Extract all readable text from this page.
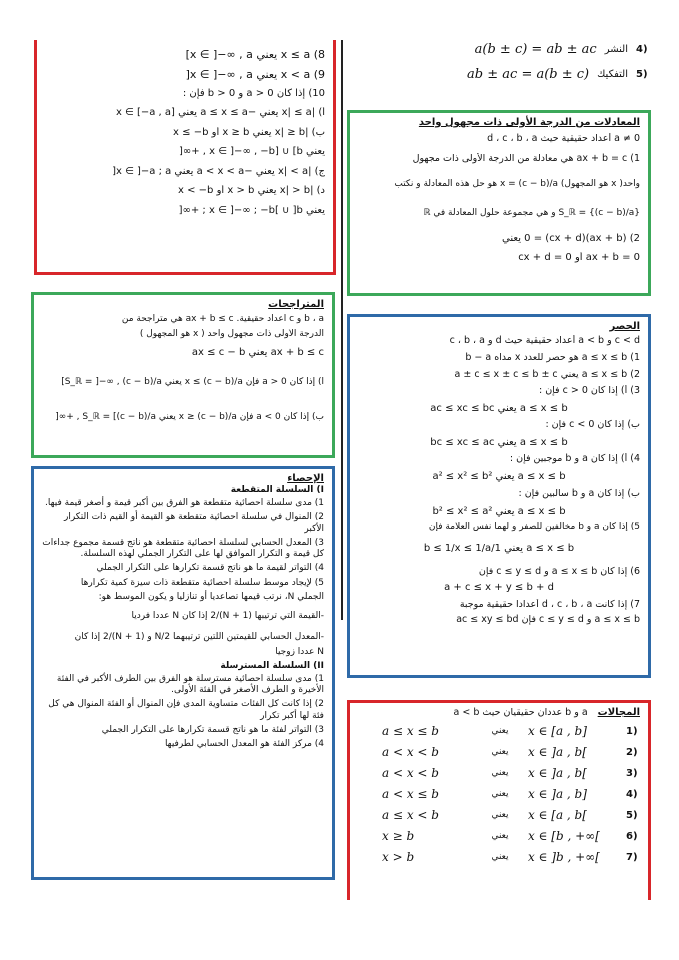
8) x ≤ a يعني x ∈ ]−∞ , a]
9) x < a يعني x ∈ ]−∞ , a[
10) إذا كان a > 0 و b > 0 فإن :
أ) |x| ≤ a يعني −a ≤ x ≤ a يعني x ∈ [−a , a]
ب) |x| ≥ b يعني x ≥ b أو x ≤ −b
يعني x ∈ ]−∞ , −b] ∪ [b , +∞[
ج) |x| < a يعني −a < x < a يعني x ∈ ]−a ; a[
د) |x| > b يعني x > b أو x < −b
يعني x ∈ ]−∞ ; −b[ ∪ ]b ; +∞[
4)
النشر
a(b ± c) = ab ± ac
5)
التفكيك
ab ± ac = a(b ± c)
المعادلات من الدرجة الأولى ذات مجهول واحد
a ≠ 0 أعداد حقيقية حيث d ، c ، b ، a
1) ax + b = c هي معادلة من الدرجة الأولى ذات مجهول
واحد( x هو المجهول) x = (c − b)/a هو حل هذه المعادلة و نكتب
S_ℝ = {(c − b)/a} و هي مجموعة حلول المعادلة في ℝ
2) (ax + b)(cx + d) = 0 يعني
ax + b = 0 أو cx + d = 0
المتراجحات
b ، a و c أعداد حقيقية. ax + b ≤ c هي متراجحة من
الدرجة الأولى ذات مجهول واحد ( x هو المجهول )
ax + b ≤ c يعني ax ≤ c − b
أ) إذا كان a > 0 فإن x ≤ (c − b)/a يعني S_ℝ = ]−∞ , (c − b)/a]
ب) إذا كان a < 0 فإن x ≥ (c − b)/a يعني S_ℝ = [(c − b)/a , +∞[
الحصر
c < d و a < b أعداد حقيقية حيث d و c ، b ، a
1) a ≤ x ≤ b هو حصر للعدد x مداه b − a
2) a ≤ x ≤ b يعني a ± c ≤ x ± c ≤ b ± c
3) أ) إذا كان c > 0 فإن :
a ≤ x ≤ b يعني ac ≤ xc ≤ bc
ب) إذا كان c < 0 فإن :
a ≤ x ≤ b يعني bc ≤ xc ≤ ac
4) أ) إذا كان a و b موجبين فإن :
a ≤ x ≤ b يعني a² ≤ x² ≤ b²
ب) إذا كان a و b سالبين فإن :
a ≤ x ≤ b يعني b² ≤ x² ≤ a²
5) إذا كان a و b مخالفين للصفر و لهما نفس العلامة فإن
a ≤ x ≤ b يعني 1/b ≤ 1/x ≤ 1/a
6) إذا كان a ≤ x ≤ b و c ≤ y ≤ d فإن
a + c ≤ x + y ≤ b + d
7) إذا كانت d ، c ، b ، a أعدادا حقيقية موجبة
a ≤ x ≤ b و c ≤ y ≤ d فإن ac ≤ xy ≤ bd
الإحصاء
I) السلسلة المتقطعة
1) مدى سلسلة احصائية متقطعة هو الفرق بين أكبر قيمة و أصغر قيمة فيها.
2) المنوال في سلسلة احصائية متقطعة هو القيمة أو القيم ذات التكرار الأكبر
3) المعدل الحسابي لسلسلة احصائية متقطعة هو ناتج قسمة مجموع جداءات كل قيمة و التكرار الموافق لها على التكرار الجملي لهذه السلسلة.
4) التواتر لقيمة ما هو ناتج قسمة تكرارها على التكرار الجملي
5) لإيجاد موسط سلسلة احصائية متقطعة ذات سيزة كمية تكرارها
الجملي N، نرتب قيمها تصاعديا أو تنازليا و يكون الموسط هو:
-القيمة التي ترتيبها (N + 1)/2 إذا كان N عددا فرديا
-المعدل الحسابي للقيمتين اللتين ترتيبهما N/2 و (N + 1)/2 إذا كان
N عددا زوجيا
II) السلسلة المسترسلة
1) مدى سلسلة احصائية مسترسلة هو الفرق بين الطرف الأكبر في الفئة الأخيرة و الطرف الأصغر في الفئة الأولى.
2) إذا كانت كل الفئات متساوية المدى فإن المنوال أو الفئة المنوال هي كل فئة لها أكبر تكرار
3) التواتر لفئة ما هو ناتج قسمة تكرارها على التكرار الجملي
4) مركز الفئة هو المعدل الحسابي لطرفيها
المجالات
a و b عددان حقيقيان حيث a < b
1)
x ∈ [a , b]
يعني
a ≤ x ≤ b
2)
x ∈ ]a , b[
يعني
a < x < b
3)
x ∈ ]a , b[
يعني
a < x < b
4)
x ∈ ]a , b]
يعني
a < x ≤ b
5)
x ∈ [a , b[
يعني
a ≤ x < b
6)
x ∈ [b , +∞[
يعني
x ≥ b
7)
x ∈ ]b , +∞[
يعني
x > b
